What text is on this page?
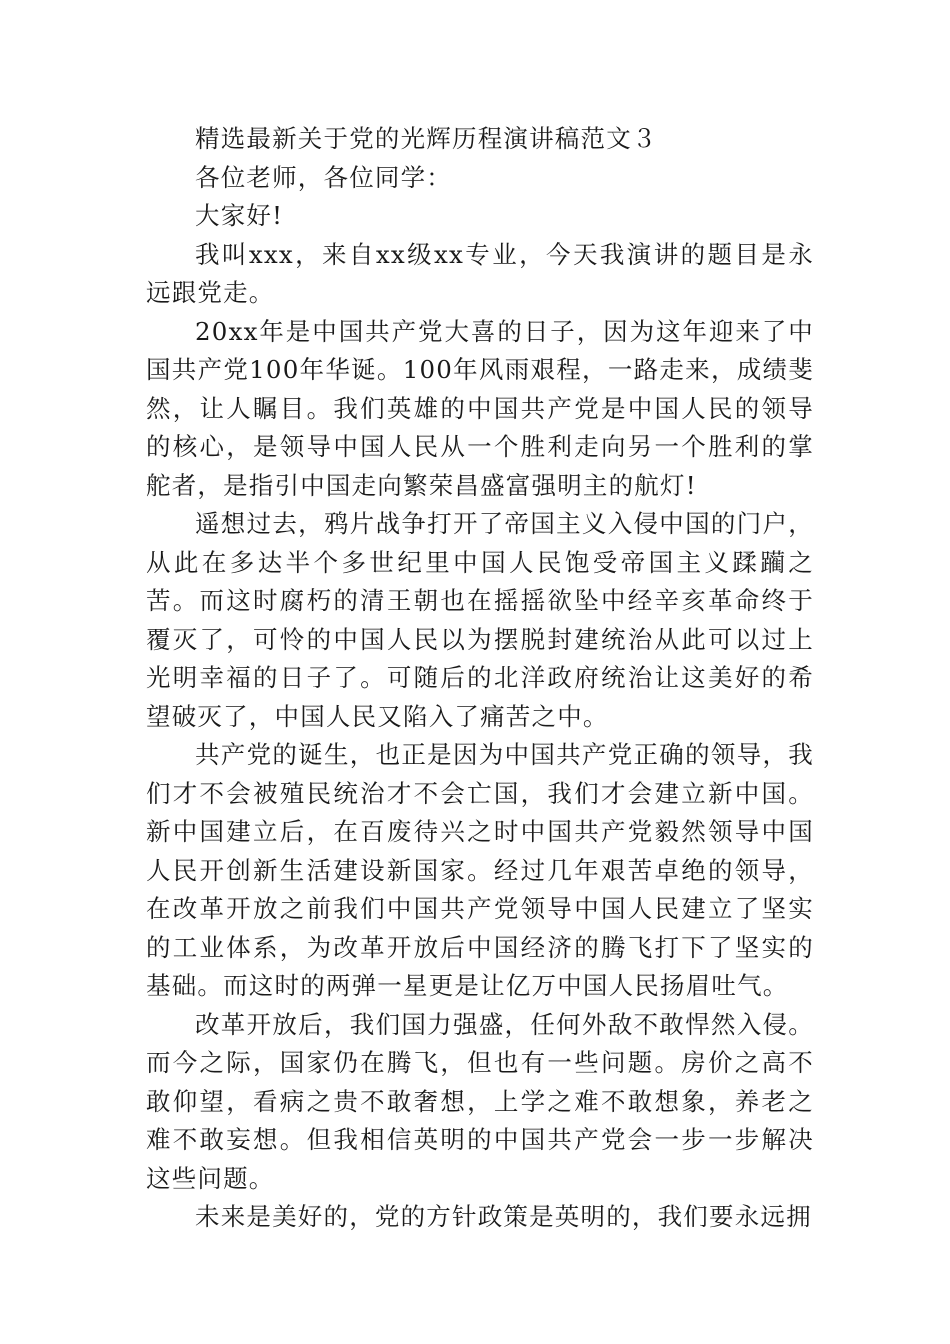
精选最新关于党的光辉历程演讲稿范文３

各位老师，各位同学：

大家好!

我叫xxx，来自xx级xx专业，今天我演讲的题目是永远跟党走。

20xx年是中国共产党大喜的日子，因为这年迎来了中国共产党100年华诞。100年风雨艰程，一路走来，成绩斐然，让人瞩目。我们英雄的中国共产党是中国人民的领导的核心，是领导中国人民从一个胜利走向另一个胜利的掌舵者，是指引中国走向繁荣昌盛富强明主的航灯!

遥想过去，鸦片战争打开了帝国主义入侵中国的门户，从此在多达半个多世纪里中国人民饱受帝国主义蹂躏之苦。而这时腐朽的清王朝也在摇摇欲坠中经辛亥革命终于覆灭了，可怜的中国人民以为摆脱封建统治从此可以过上光明幸福的日子了。可随后的北洋政府统治让这美好的希望破灭了，中国人民又陷入了痛苦之中。

共产党的诞生，也正是因为中国共产党正确的领导，我们才不会被殖民统治才不会亡国，我们才会建立新中国。新中国建立后，在百废待兴之时中国共产党毅然领导中国人民开创新生活建设新国家。经过几年艰苦卓绝的领导，在改革开放之前我们中国共产党领导中国人民建立了坚实的工业体系，为改革开放后中国经济的腾飞打下了坚实的基础。而这时的两弹一星更是让亿万中国人民扬眉吐气。

改革开放后，我们国力强盛，任何外敌不敢悍然入侵。而今之际，国家仍在腾飞，但也有一些问题。房价之高不敢仰望，看病之贵不敢奢想，上学之难不敢想象，养老之难不敢妄想。但我相信英明的中国共产党会一步一步解决这些问题。

未来是美好的，党的方针政策是英明的，我们要永远拥
